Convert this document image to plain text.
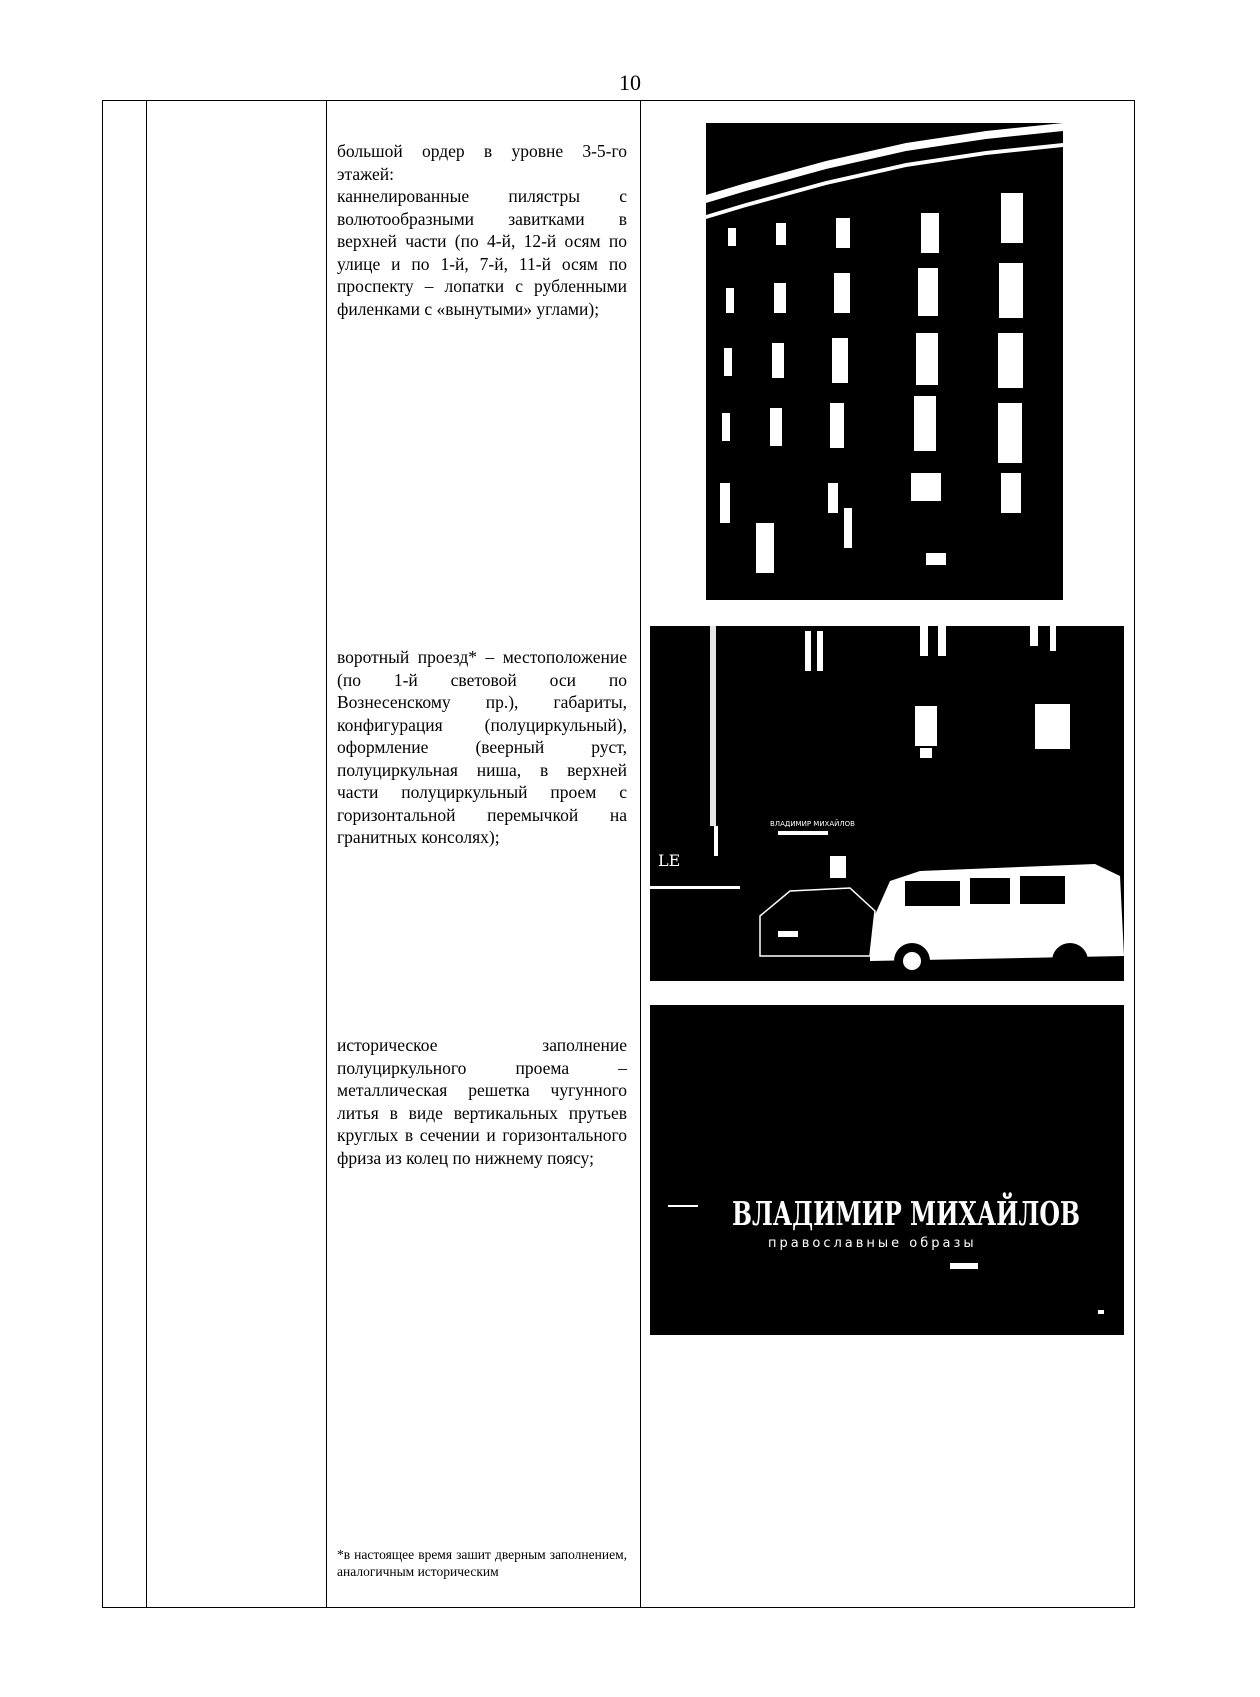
10

большой ордер в уровне 3-5-го этажей:

каннелированные пилястры с волютообразными завитками в верхней части (по 4-й, 12-й осям по улице и по 1-й, 7-й, 11-й осям по проспекту – лопатки с рубленными филенками с «вынутыми» углами);

воротный проезд* – местоположение (по 1-й световой оси по Вознесенскому пр.), габариты, конфигурация (полуциркульный), оформление (веерный руст, полуциркульная ниша, в верхней части полуциркульный проем с горизонтальной перемычкой на гранитных консолях);

историческое заполнение полуциркульного проема – металлическая решетка чугунного литья в виде вертикальных прутьев круглых в сечении и горизонтального фриза из колец по нижнему поясу;

*в настоящее время зашит дверным заполнением, аналогичным историческим

ВЛАДИМИР МИХАЙЛОВ
LE
ВЛАДИМИР МИХАЙЛОВ
православные образы
